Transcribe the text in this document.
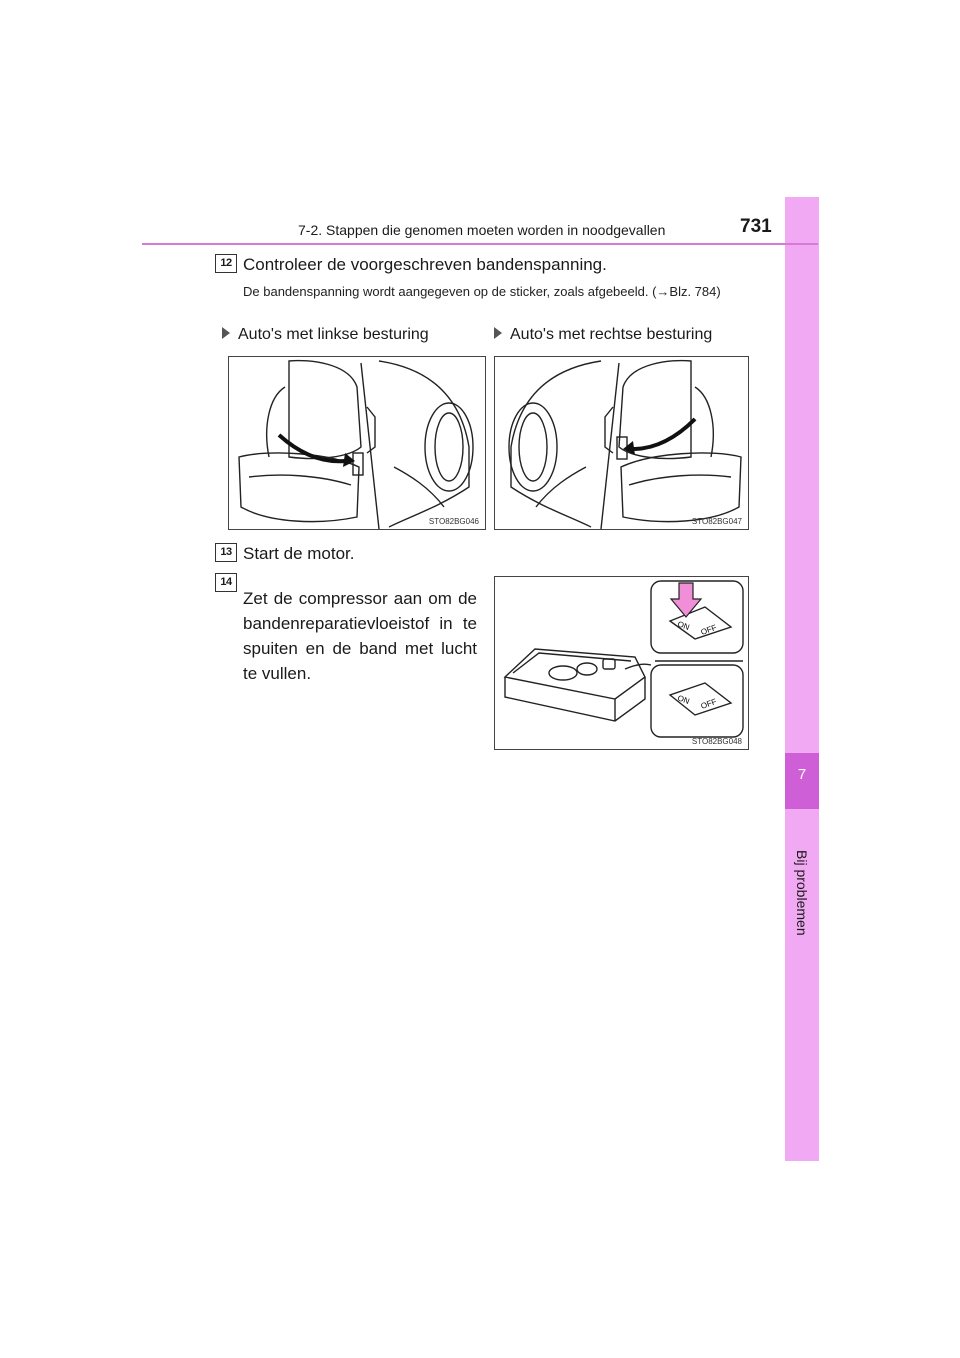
7
Bij problemen
7-2. Stappen die genomen moeten worden in noodgevallen	731
12 Controleer de voorgeschreven bandenspanning.
De bandenspanning wordt aangegeven op de sticker, zoals afgebeeld. (→Blz. 784)
Auto's met linkse besturing	Auto's met rechtse besturing
STO82BG046	STO82BG047
13 Start de motor.
14
Zet de compressor aan om de bandenreparatievloeistof in te spuiten en de band met lucht te vullen.
ON OFF
ON OFF
STO82BG048
